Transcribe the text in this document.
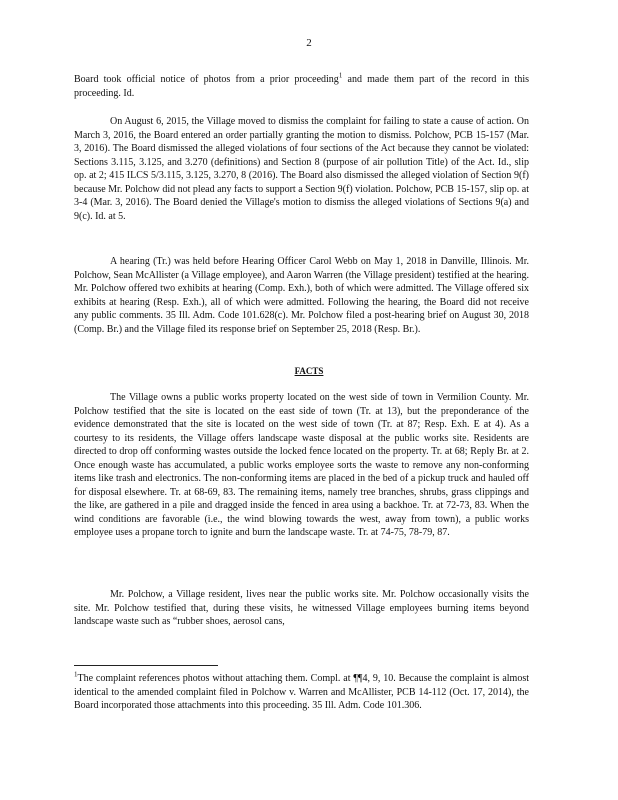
2

Board took official notice of photos from a prior proceeding$^1$ and made them part of the record in this proceeding. Id.

On August 6, 2015, the Village moved to dismiss the complaint for failing to state a cause of action. On March 3, 2016, the Board entered an order partially granting the motion to dismiss. Polchow, PCB 15-157 (Mar. 3, 2016). The Board dismissed the alleged violations of four sections of the Act because they cannot be violated: Sections 3.115, 3.125, and 3.270 (definitions) and Section 8 (purpose of air pollution Title) of the Act. Id., slip op. at 2; 415 ILCS 5/3.115, 3.125, 3.270, 8 (2016). The Board also dismissed the alleged violation of Section 9(f) because Mr. Polchow did not plead any facts to support a Section 9(f) violation. Polchow, PCB 15-157, slip op. at 3-4 (Mar. 3, 2016). The Board denied the Village's motion to dismiss the alleged violations of Sections 9(a) and 9(c). Id. at 5.

A hearing (Tr.) was held before Hearing Officer Carol Webb on May 1, 2018 in Danville, Illinois. Mr. Polchow, Sean McAllister (a Village employee), and Aaron Warren (the Village president) testified at the hearing. Mr. Polchow offered two exhibits at hearing (Comp. Exh.), both of which were admitted. The Village offered six exhibits at hearing (Resp. Exh.), all of which were admitted. Following the hearing, the Board did not receive any public comments. 35 Ill. Adm. Code 101.628(c). Mr. Polchow filed a post-hearing brief on August 30, 2018 (Comp. Br.) and the Village filed its response brief on September 25, 2018 (Resp. Br.).

FACTS

The Village owns a public works property located on the west side of town in Vermilion County. Mr. Polchow testified that the site is located on the east side of town (Tr. at 13), but the preponderance of the evidence demonstrated that the site is located on the west side of town (Tr. at 87; Resp. Exh. E at 4). As a courtesy to its residents, the Village offers landscape waste disposal at the public works site. Residents are directed to drop off conforming wastes outside the locked fence located on the property. Tr. at 68; Reply Br. at 2. Once enough waste has accumulated, a public works employee sorts the waste to remove any non-conforming items like trash and electronics. The non-conforming items are placed in the bed of a pickup truck and hauled off for disposal elsewhere. Tr. at 68-69, 83. The remaining items, namely tree branches, shrubs, grass clippings and the like, are gathered in a pile and dragged inside the fenced in area using a backhoe. Tr. at 72-73, 83. When the wind conditions are favorable (i.e., the wind blowing towards the west, away from town), a public works employee uses a propane torch to ignite and burn the landscape waste. Tr. at 74-75, 78-79, 87.

Mr. Polchow, a Village resident, lives near the public works site. Mr. Polchow occasionally visits the site. Mr. Polchow testified that, during these visits, he witnessed Village employees burning items beyond landscape waste such as “rubber shoes, aerosol cans,

$^1$The complaint references photos without attaching them. Compl. at ¶¶4, 9, 10. Because the complaint is almost identical to the amended complaint filed in Polchow v. Warren and McAllister, PCB 14-112 (Oct. 17, 2014), the Board incorporated those attachments into this proceeding. 35 Ill. Adm. Code 101.306.
